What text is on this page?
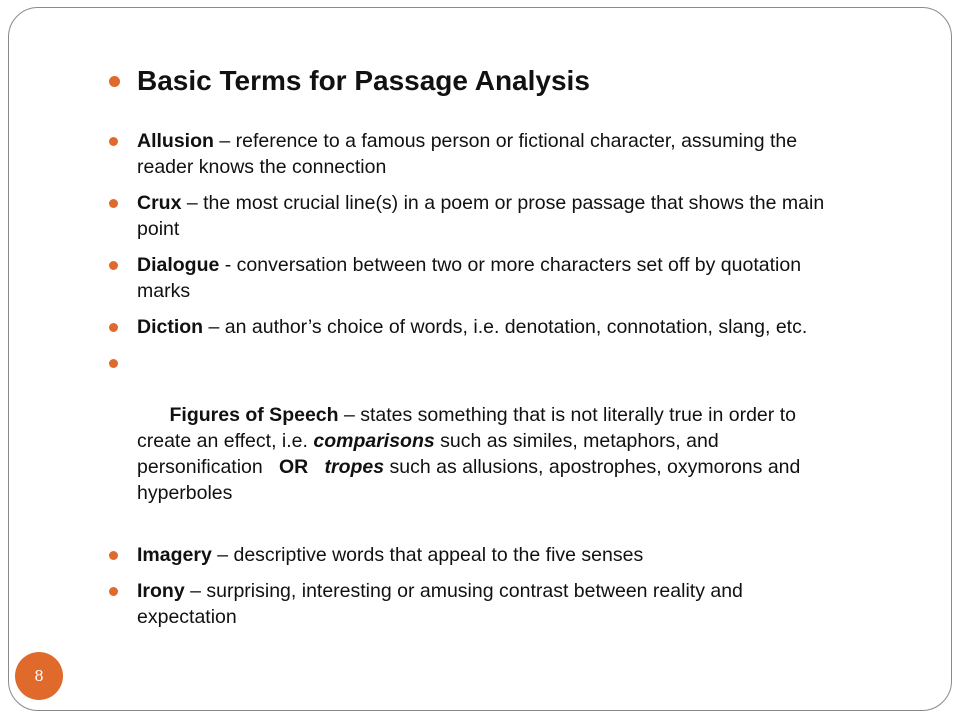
Basic Terms for Passage Analysis
Allusion – reference to a famous person or fictional character, assuming the reader knows the connection
Crux – the most crucial line(s) in a poem or prose passage that shows the main point
Dialogue - conversation between two or more characters set off by quotation marks
Diction – an author’s choice of words, i.e. denotation, connotation, slang, etc.

Figures of Speech – states something that is not literally true in order to create an effect, i.e. comparisons such as similes, metaphors, and personification   OR tropes such as allusions, apostrophes, oxymorons and  hyperboles

Imagery – descriptive words that appeal to the five senses
Irony – surprising, interesting or amusing contrast between reality and expectation
8
